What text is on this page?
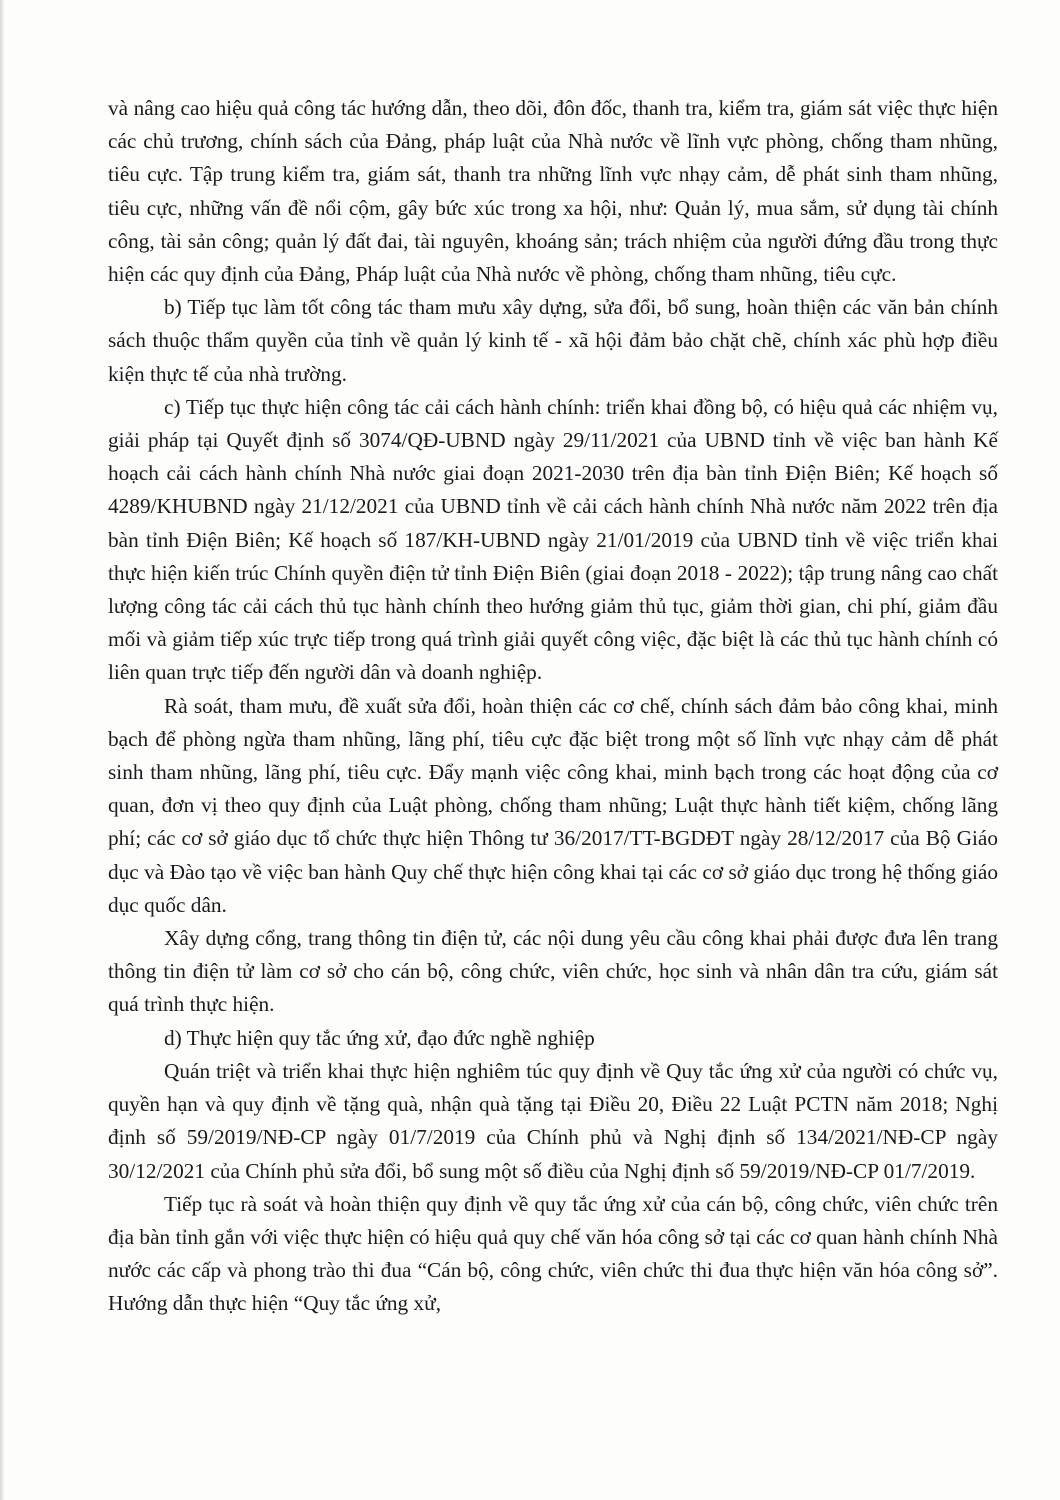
và nâng cao hiệu quả công tác hướng dẫn, theo dõi, đôn đốc, thanh tra, kiểm tra, giám sát việc thực hiện các chủ trương, chính sách của Đảng, pháp luật của Nhà nước về lĩnh vực phòng, chống tham nhũng, tiêu cực. Tập trung kiểm tra, giám sát, thanh tra những lĩnh vực nhạy cảm, dễ phát sinh tham nhũng, tiêu cực, những vấn đề nổi cộm, gây bức xúc trong xa hội, như: Quản lý, mua sắm, sử dụng tài chính công, tài sản công; quản lý đất đai, tài nguyên, khoáng sản; trách nhiệm của người đứng đầu trong thực hiện các quy định của Đảng, Pháp luật của Nhà nước về phòng, chống tham nhũng, tiêu cực.

b) Tiếp tục làm tốt công tác tham mưu xây dựng, sửa đổi, bổ sung, hoàn thiện các văn bản chính sách thuộc thẩm quyền của tỉnh về quản lý kinh tế - xã hội đảm bảo chặt chẽ, chính xác phù hợp điều kiện thực tế của nhà trường.

c) Tiếp tục thực hiện công tác cải cách hành chính: triển khai đồng bộ, có hiệu quả các nhiệm vụ, giải pháp tại Quyết định số 3074/QĐ-UBND ngày 29/11/2021 của UBND tỉnh về việc ban hành Kế hoạch cải cách hành chính Nhà nước giai đoạn 2021-2030 trên địa bàn tỉnh Điện Biên; Kế hoạch số 4289/KHUBND ngày 21/12/2021 của UBND tỉnh về cải cách hành chính Nhà nước năm 2022 trên địa bàn tỉnh Điện Biên; Kế hoạch số 187/KH-UBND ngày 21/01/2019 của UBND tỉnh về việc triển khai thực hiện kiến trúc Chính quyền điện tử tỉnh Điện Biên (giai đoạn 2018 - 2022); tập trung nâng cao chất lượng công tác cải cách thủ tục hành chính theo hướng giảm thủ tục, giảm thời gian, chi phí, giảm đầu mối và giảm tiếp xúc trực tiếp trong quá trình giải quyết công việc, đặc biệt là các thủ tục hành chính có liên quan trực tiếp đến người dân và doanh nghiệp.

Rà soát, tham mưu, đề xuất sửa đổi, hoàn thiện các cơ chế, chính sách đảm bảo công khai, minh bạch để phòng ngừa tham nhũng, lãng phí, tiêu cực đặc biệt trong một số lĩnh vực nhạy cảm dễ phát sinh tham nhũng, lãng phí, tiêu cực. Đẩy mạnh việc công khai, minh bạch trong các hoạt động của cơ quan, đơn vị theo quy định của Luật phòng, chống tham nhũng; Luật thực hành tiết kiệm, chống lãng phí; các cơ sở giáo dục tổ chức thực hiện Thông tư 36/2017/TT-BGDĐT ngày 28/12/2017 của Bộ Giáo dục và Đào tạo về việc ban hành Quy chế thực hiện công khai tại các cơ sở giáo dục trong hệ thống giáo dục quốc dân.

Xây dựng cổng, trang thông tin điện tử, các nội dung yêu cầu công khai phải được đưa lên trang thông tin điện tử làm cơ sở cho cán bộ, công chức, viên chức, học sinh và nhân dân tra cứu, giám sát quá trình thực hiện.

d) Thực hiện quy tắc ứng xử, đạo đức nghề nghiệp

Quán triệt và triển khai thực hiện nghiêm túc quy định về Quy tắc ứng xử của người có chức vụ, quyền hạn và quy định về tặng quà, nhận quà tặng tại Điều 20, Điều 22 Luật PCTN năm 2018; Nghị định số 59/2019/NĐ-CP ngày 01/7/2019 của Chính phủ và Nghị định số 134/2021/NĐ-CP ngày 30/12/2021 của Chính phủ sửa đổi, bổ sung một số điều của Nghị định số 59/2019/NĐ-CP 01/7/2019.

Tiếp tục rà soát và hoàn thiện quy định về quy tắc ứng xử của cán bộ, công chức, viên chức trên địa bàn tỉnh gắn với việc thực hiện có hiệu quả quy chế văn hóa công sở tại các cơ quan hành chính Nhà nước các cấp và phong trào thi đua “Cán bộ, công chức, viên chức thi đua thực hiện văn hóa công sở”. Hướng dẫn thực hiện “Quy tắc ứng xử,
